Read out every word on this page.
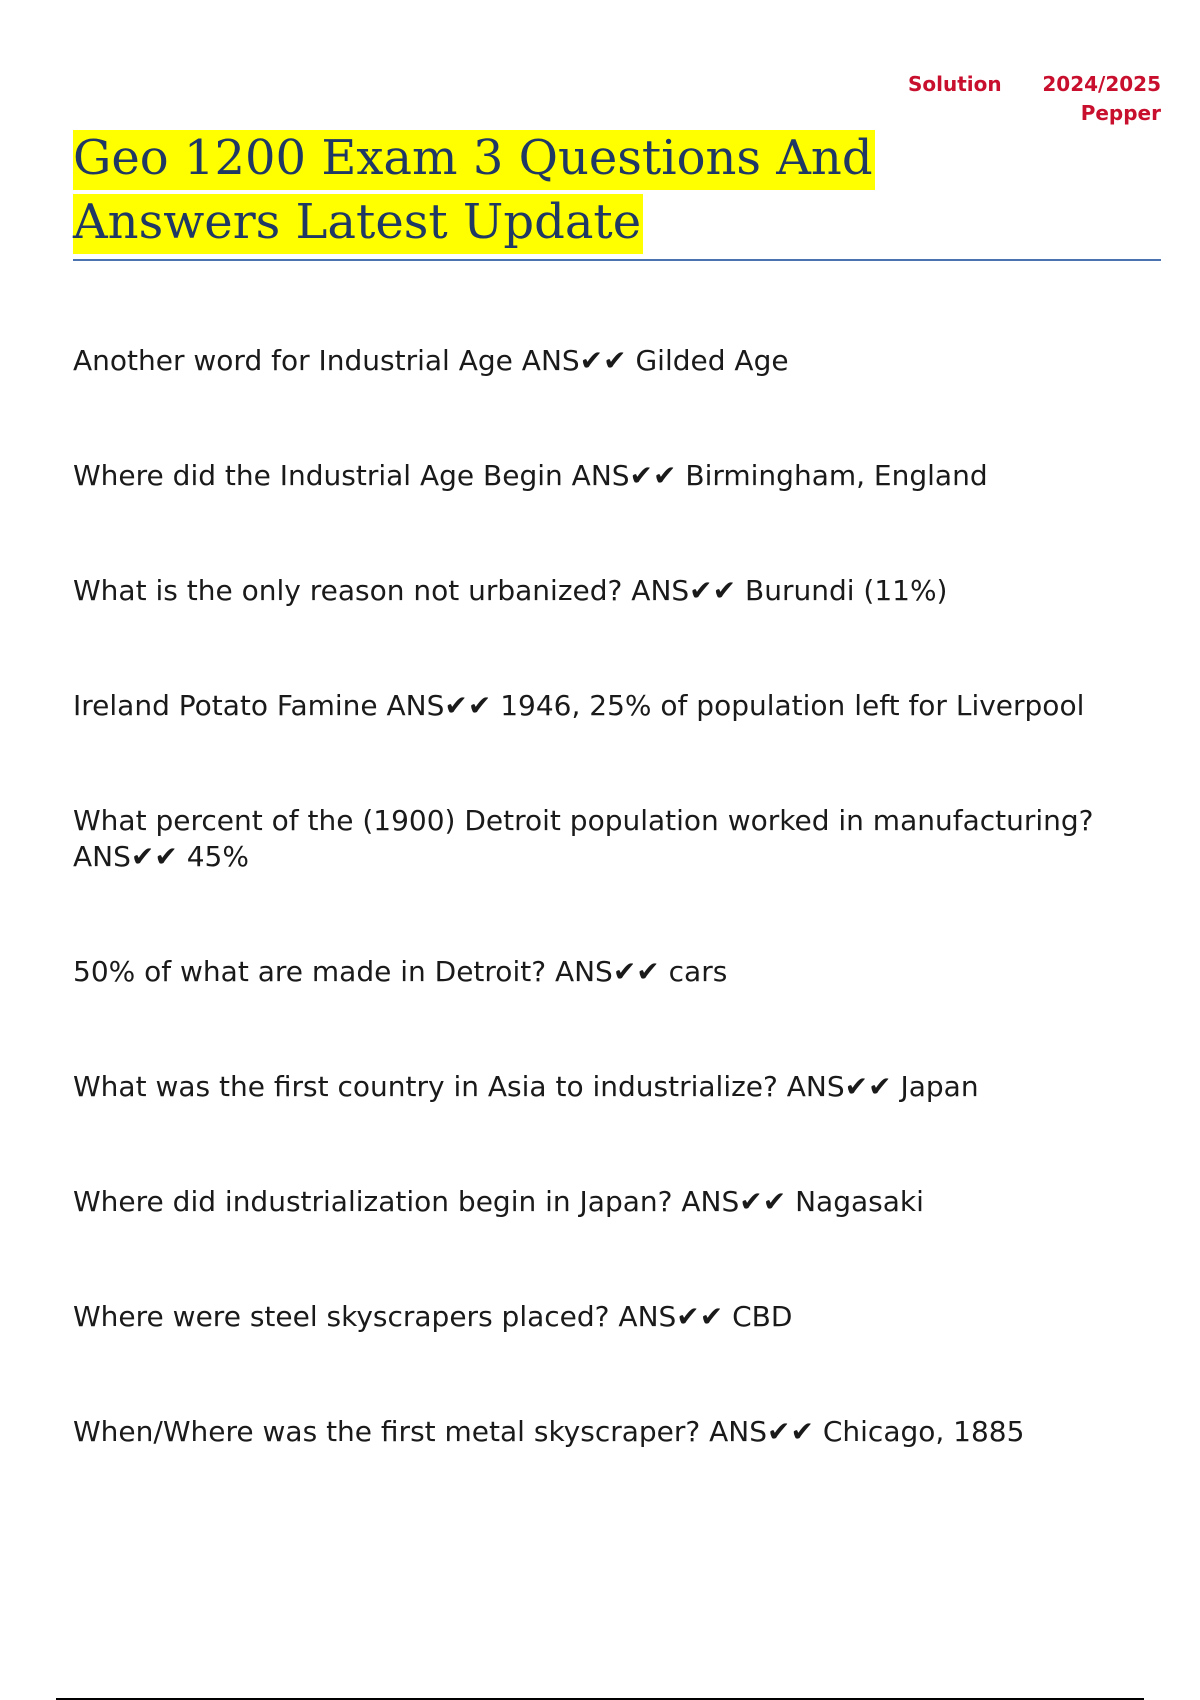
Solution 2024/2025
Pepper
Geo 1200 Exam 3 Questions And Answers Latest Update
Another word for Industrial Age ANS✔✔ Gilded Age
Where did the Industrial Age Begin ANS✔✔ Birmingham, England
What is the only reason not urbanized? ANS✔✔ Burundi (11%)
Ireland Potato Famine ANS✔✔ 1946, 25% of population left for Liverpool
What percent of the (1900) Detroit population worked in manufacturing? ANS✔✔ 45%
50% of what are made in Detroit? ANS✔✔ cars
What was the first country in Asia to industrialize? ANS✔✔ Japan
Where did industrialization begin in Japan? ANS✔✔ Nagasaki
Where were steel skyscrapers placed? ANS✔✔ CBD
When/Where was the first metal skyscraper? ANS✔✔ Chicago, 1885
